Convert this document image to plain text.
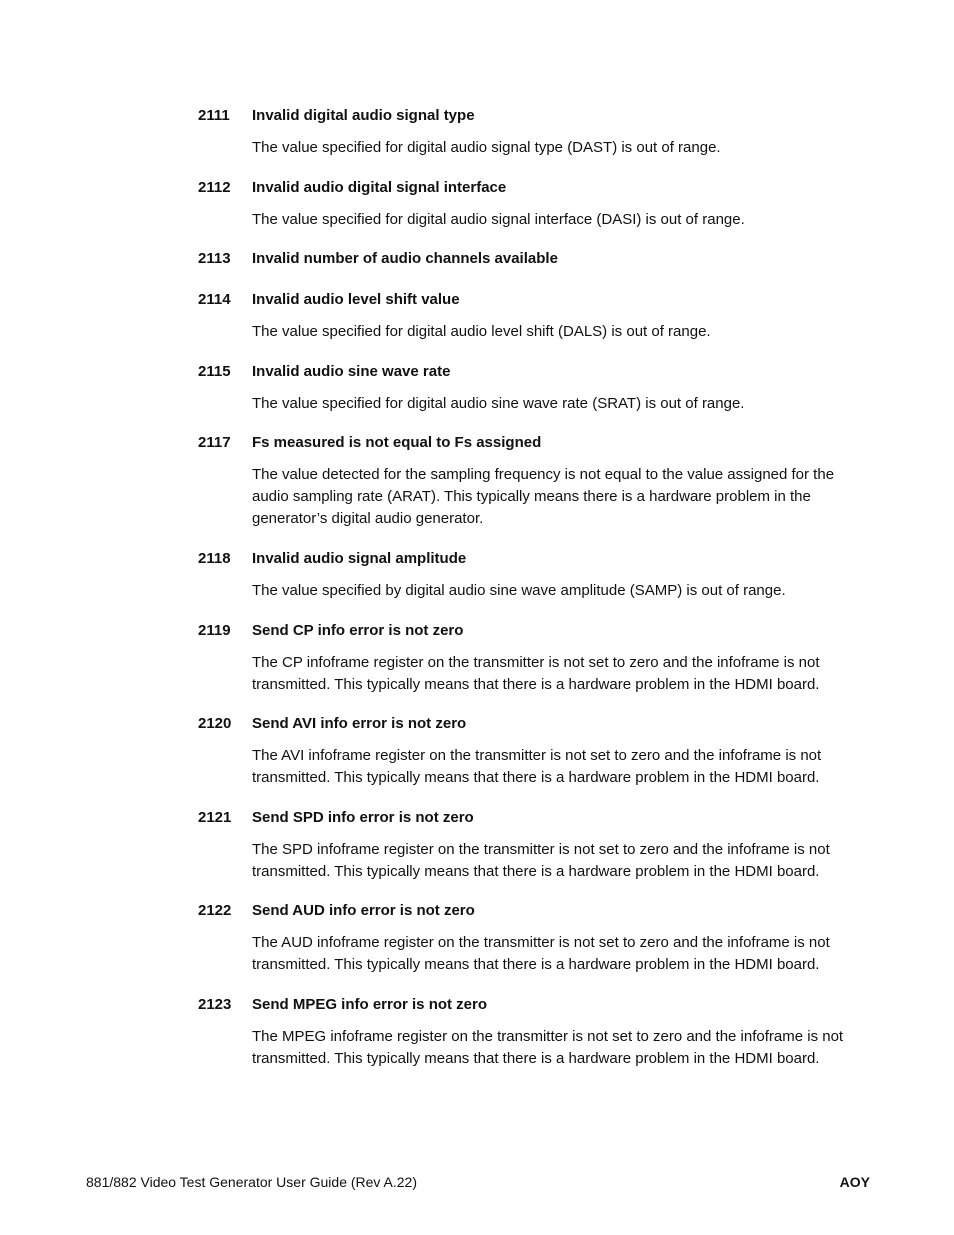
2111 Invalid digital audio signal type
The value specified for digital audio signal type (DAST) is out of range.
2112 Invalid audio digital signal interface
The value specified for digital audio signal interface (DASI) is out of range.
2113 Invalid number of audio channels available
2114 Invalid audio level shift value
The value specified for digital audio level shift (DALS) is out of range.
2115 Invalid audio sine wave rate
The value specified for digital audio sine wave rate (SRAT) is out of range.
2117 Fs measured is not equal to Fs assigned
The value detected for the sampling frequency is not equal to the value assigned for the audio sampling rate (ARAT). This typically means there is a hardware problem in the generator’s digital audio generator.
2118 Invalid audio signal amplitude
The value specified by digital audio sine wave amplitude (SAMP) is out of range.
2119 Send CP info error is not zero
The CP infoframe register on the transmitter is not set to zero and the infoframe is not transmitted. This typically means that there is a hardware problem in the HDMI board.
2120 Send AVI info error is not zero
The AVI infoframe register on the transmitter is not set to zero and the infoframe is not transmitted. This typically means that there is a hardware problem in the HDMI board.
2121 Send SPD info error is not zero
The SPD infoframe register on the transmitter is not set to zero and the infoframe is not transmitted. This typically means that there is a hardware problem in the HDMI board.
2122 Send AUD info error is not zero
The AUD infoframe register on the transmitter is not set to zero and the infoframe is not transmitted. This typically means that there is a hardware problem in the HDMI board.
2123 Send MPEG info error is not zero
The MPEG infoframe register on the transmitter is not set to zero and the infoframe is not transmitted. This typically means that there is a hardware problem in the HDMI board.
881/882 Video Test Generator User Guide (Rev A.22)	AOY
